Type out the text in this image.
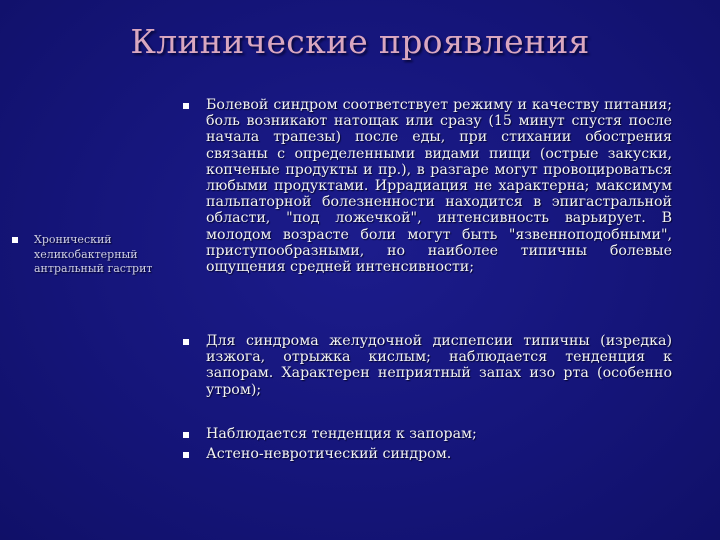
Клинические проявления
Хронический хеликобактерный антральный гастрит
Болевой синдром соответствует режиму и качеству питания; боль возникают натощак или сразу (15 минут спустя после начала трапезы) после еды, при стихании обострения связаны с определенными видами пищи (острые закуски, копченые продукты и пр.), в разгаре могут провоцироваться любыми продуктами. Иррадиация не характерна; максимум пальпаторной болезненности находится в эпигастральной области, "под ложечкой", интенсивность варьирует. В молодом возрасте боли могут быть "язвенноподобными", приступообразными, но наиболее типичны болевые ощущения средней интенсивности;
Для синдрома желудочной диспепсии типичны (изредка) изжога, отрыжка кислым; наблюдается тенденция к запорам. Характерен неприятный запах изо рта (особенно утром);
Наблюдается тенденция к запорам;
Астено-невротический синдром.
